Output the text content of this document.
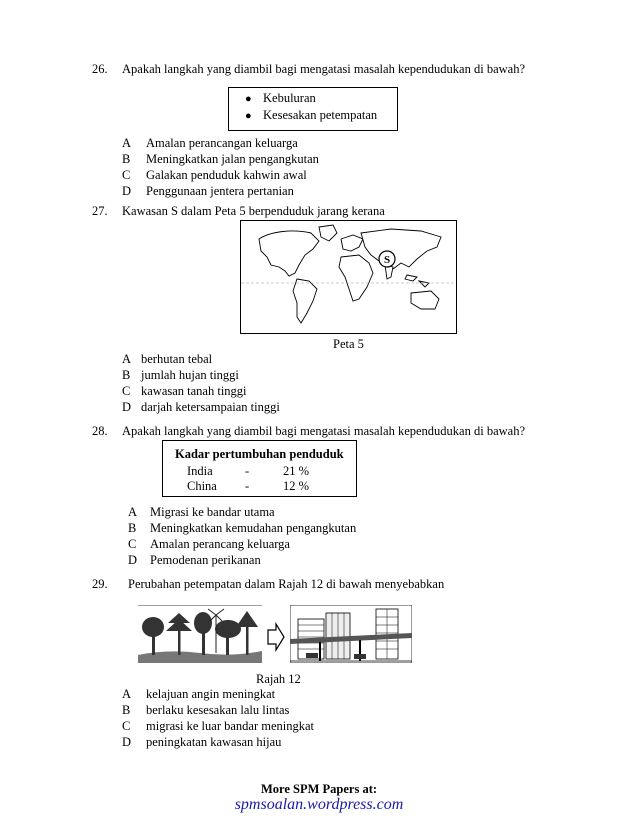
26. Apakah langkah yang diambil bagi mengatasi masalah kependudukan di bawah?
● Kebuluran
● Kesesakan petempatan
A Amalan perancangan keluarga
B Meningkatkan jalan pengangkutan
C Galakan penduduk kahwin awal
D Penggunaan jentera pertanian
27. Kawasan S dalam Peta 5 berpenduduk jarang kerana
S
Peta 5
A berhutan tebal
B jumlah hujan tinggi
C kawasan tanah tinggi
D darjah ketersampaian tinggi
28. Apakah langkah yang diambil bagi mengatasi masalah kependudukan di bawah?
Kadar pertumbuhan penduduk
India	-	21 %
China -	12 %
A Migrasi ke bandar utama
B Meningkatkan kemudahan pengangkutan
C Amalan perancang keluarga
D Pemodenan perikanan
29. Perubahan petempatan dalam Rajah 12 di bawah menyebabkan
Rajah 12
A kelajuan angin meningkat
B berlaku kesesakan lalu lintas
C migrasi ke luar bandar meningkat
D peningkatan kawasan hijau
More SPM Papers at:
spmsoalan.wordpress.com
